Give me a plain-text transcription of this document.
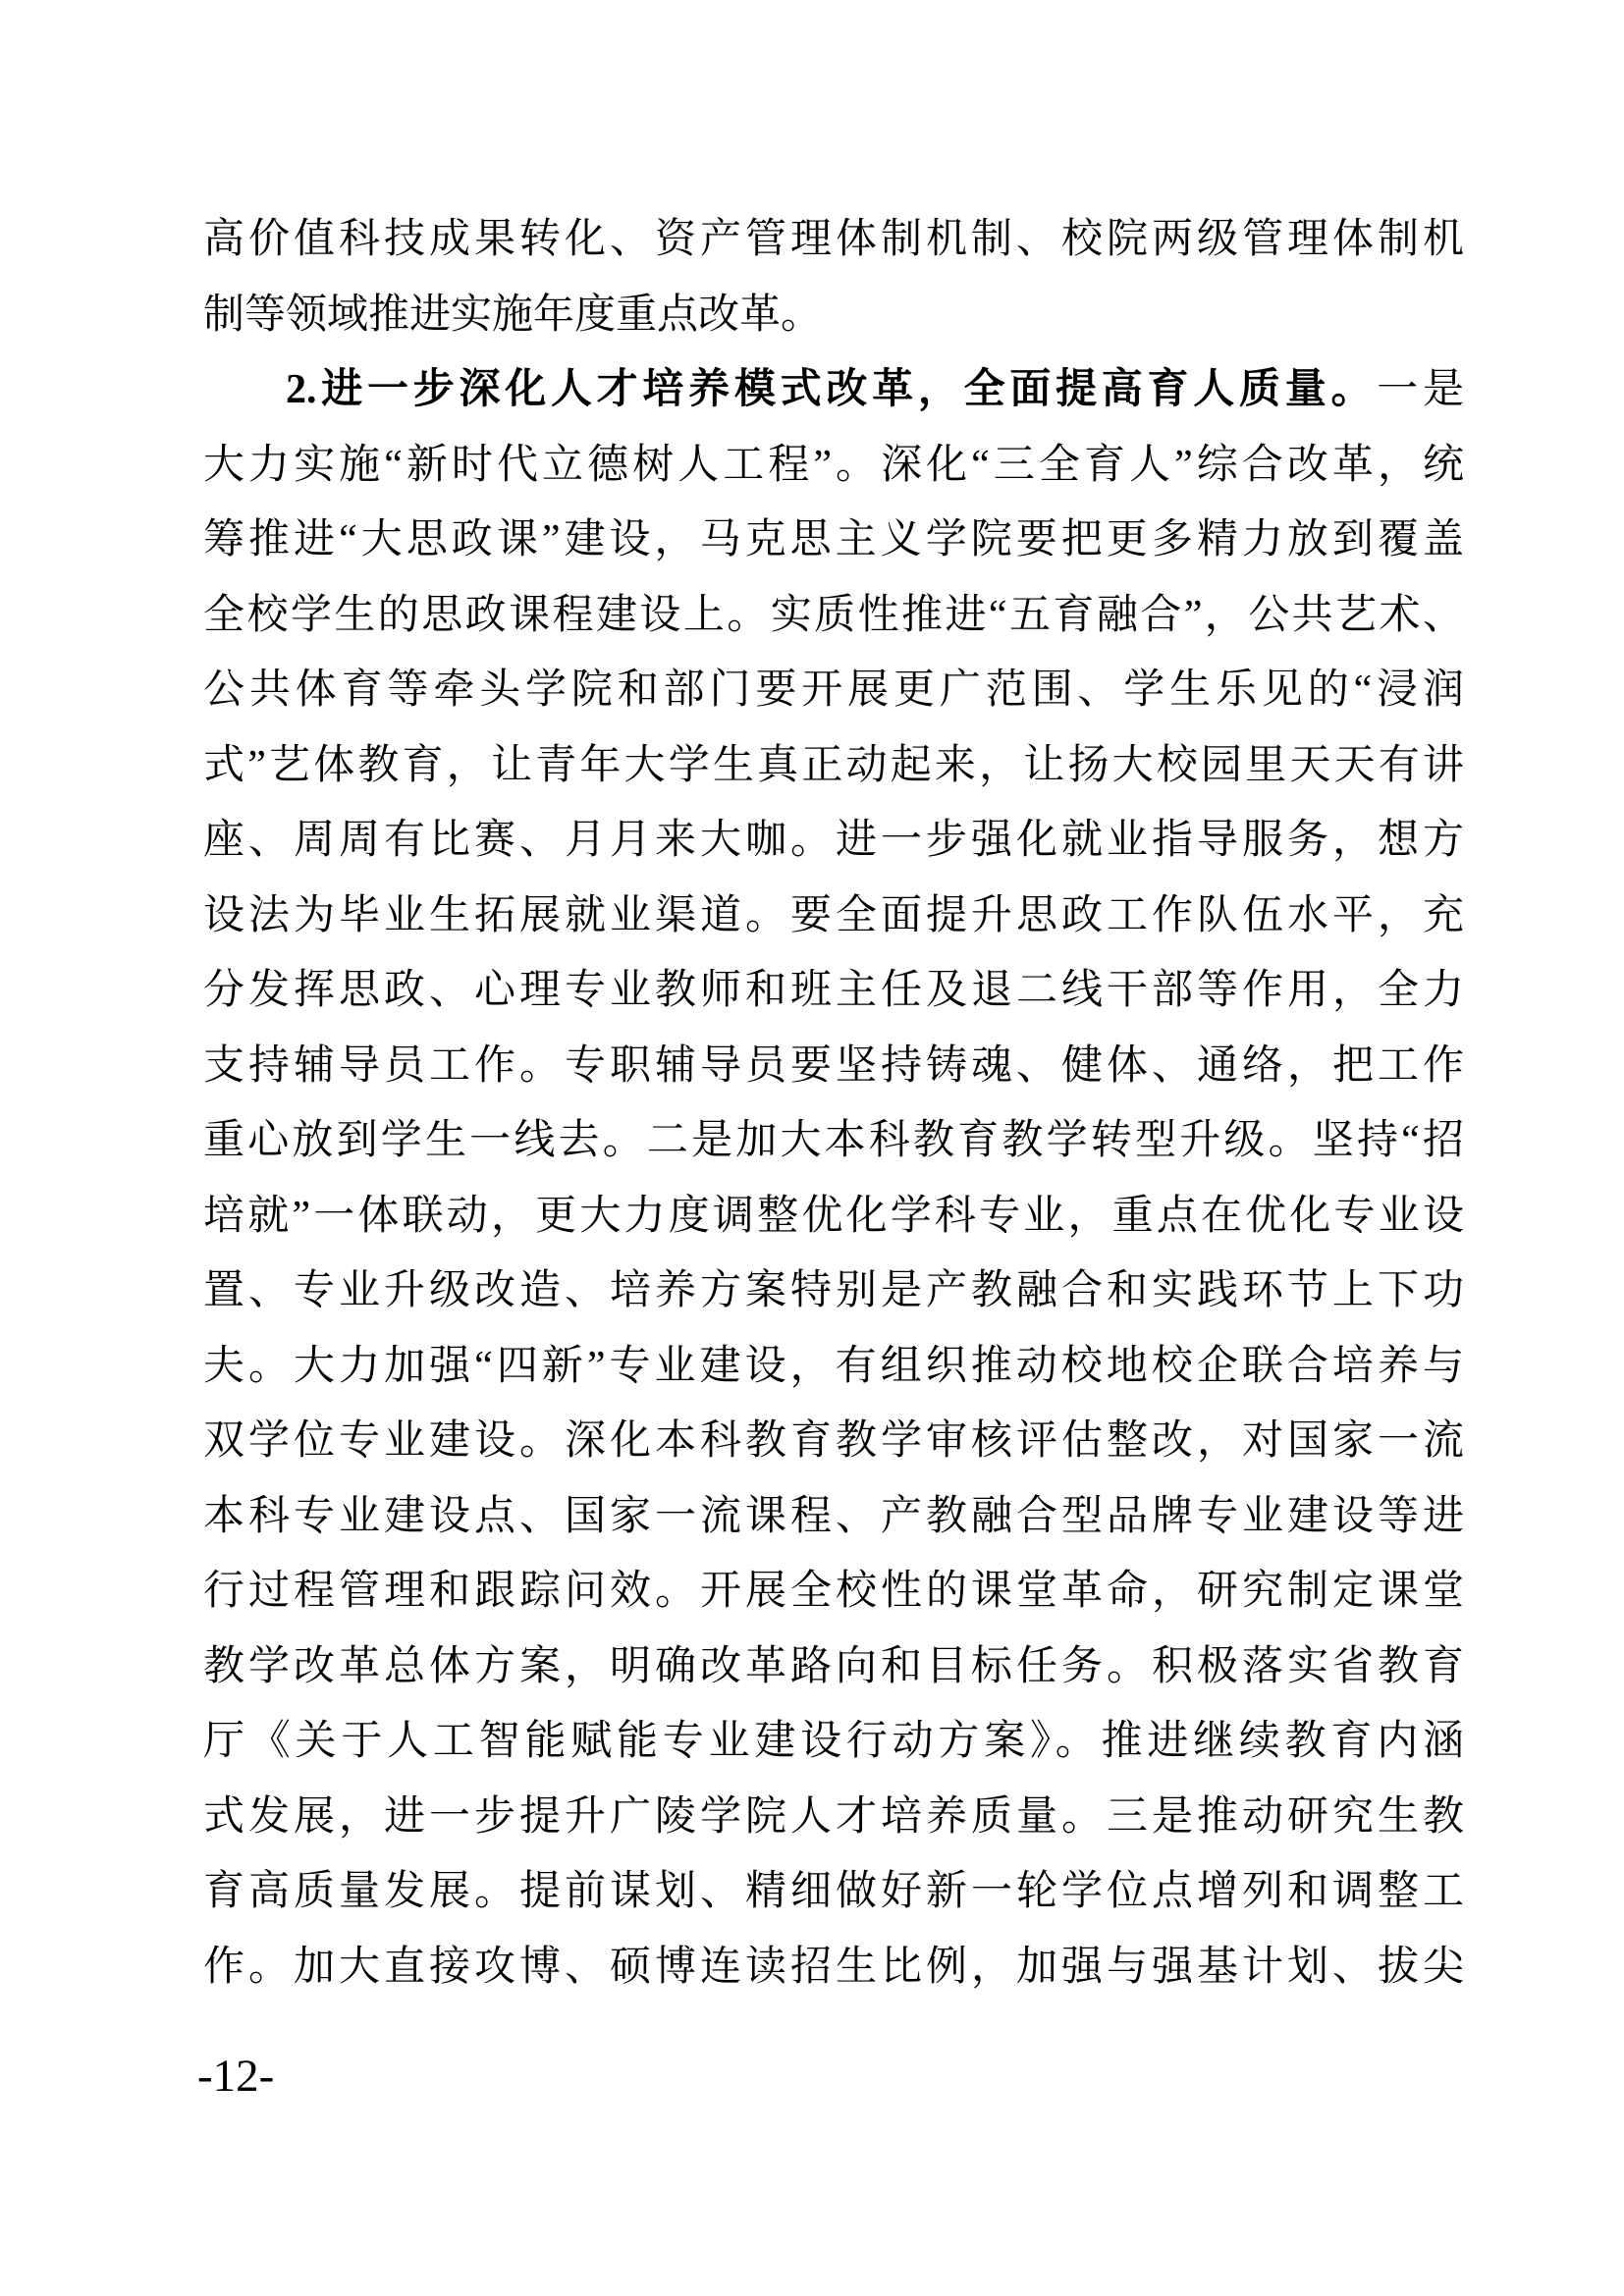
高价值科技成果转化、资产管理体制机制、校院两级管理体制机
制等领域推进实施年度重点改革。
2.进一步深化人才培养模式改革，全面提高育人质量。一是
大力实施“新时代立德树人工程”。深化“三全育人”综合改革，统
筹推进“大思政课”建设，马克思主义学院要把更多精力放到覆盖
全校学生的思政课程建设上。实质性推进“五育融合”，公共艺术、
公共体育等牵头学院和部门要开展更广范围、学生乐见的“浸润
式”艺体教育，让青年大学生真正动起来，让扬大校园里天天有讲
座、周周有比赛、月月来大咖。进一步强化就业指导服务，想方
设法为毕业生拓展就业渠道。要全面提升思政工作队伍水平，充
分发挥思政、心理专业教师和班主任及退二线干部等作用，全力
支持辅导员工作。专职辅导员要坚持铸魂、健体、通络，把工作
重心放到学生一线去。二是加大本科教育教学转型升级。坚持“招
培就”一体联动，更大力度调整优化学科专业，重点在优化专业设
置、专业升级改造、培养方案特别是产教融合和实践环节上下功
夫。大力加强“四新”专业建设，有组织推动校地校企联合培养与
双学位专业建设。深化本科教育教学审核评估整改，对国家一流
本科专业建设点、国家一流课程、产教融合型品牌专业建设等进
行过程管理和跟踪问效。开展全校性的课堂革命，研究制定课堂
教学改革总体方案，明确改革路向和目标任务。积极落实省教育
厅《关于人工智能赋能专业建设行动方案》。推进继续教育内涵
式发展，进一步提升广陵学院人才培养质量。三是推动研究生教
育高质量发展。提前谋划、精细做好新一轮学位点增列和调整工
作。加大直接攻博、硕博连读招生比例，加强与强基计划、拔尖
-12-
